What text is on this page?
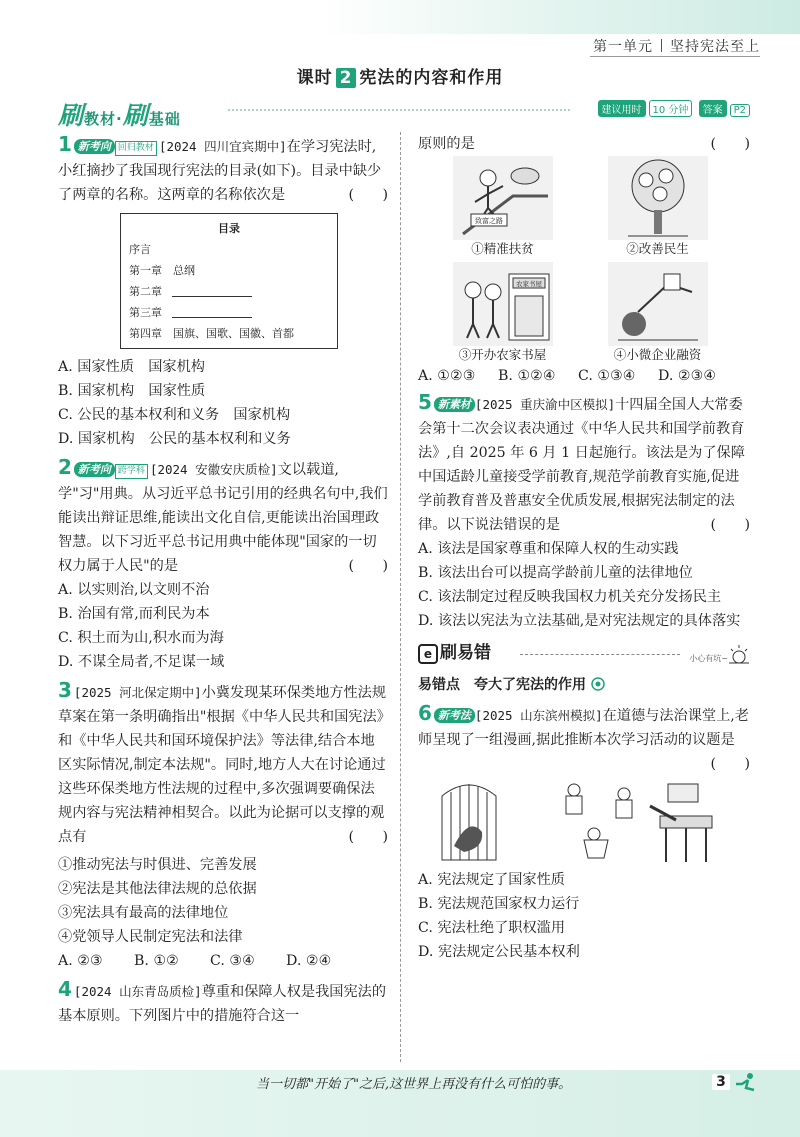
第一单元 坚持宪法至上
课时 2 宪法的内容和作用
刷教材·刷基础	建议用时 10 分钟 答案 P2

1 新考向 回归教材 [2024 四川宜宾期中]在学习宪法时,小红摘抄了我国现行宪法的目录(如下)。目录中缺少了两章的名称。这两章的名称依次是	(　　)

目录
序言
第一章　 总纲
第二章
第三章
第四章　 国旗、国歌、国徽、首都

A. 国家性质　国家机构

B. 国家机构　国家性质

C. 公民的基本权利和义务　国家机构

D. 国家机构　公民的基本权利和义务

2 新考向 跨学科 [2024 安徽安庆质检]文以载道,学"习"用典。从习近平总书记引用的经典名句中,我们能读出辩证思维,能读出文化自信,更能读出治国理政智慧。以下习近平总书记用典中能体现"国家的一切权力属于人民"的是	(　　)

A. 以实则治,以文则不治

B. 治国有常,而利民为本

C. 积土而为山,积水而为海

D. 不谋全局者,不足谋一域

3 [2025 河北保定期中]小冀发现某环保类地方性法规草案在第一条明确指出"根据《中华人民共和国宪法》和《中华人民共和国环境保护法》等法律,结合本地区实际情况,制定本法规"。同时,地方人大在讨论通过这些环保类地方性法规的过程中,多次强调要确保法规内容与宪法精神相契合。以此为论据可以支撑的观点有	(　　)

①推动宪法与时俱进、完善发展

②宪法是其他法律法规的总依据

③宪法具有最高的法律地位

④党领导人民制定宪法和法律

A. ②③ B. ①② C. ③④ D. ②④

4 [2024 山东青岛质检]尊重和保障人权是我国宪法的基本原则。下列图片中的措施符合这一

原则的是	(　　)

致富之路
①精准扶贫	②改善民生
农家书屋
③开办农家书屋	④小微企业融资

A. ①②③ B. ①②④ C. ①③④ D. ②③④

5 新素材 [2025 重庆渝中区模拟]十四届全国人大常委会第十二次会议表决通过《中华人民共和国学前教育法》,自 2025 年 6 月 1 日起施行。该法是为了保障中国适龄儿童接受学前教育,规范学前教育实施,促进学前教育普及普惠安全优质发展,根据宪法制定的法律。以下说法错误的是	(　　)

A. 该法是国家尊重和保障人权的生动实践

B. 该法出台可以提高学龄前儿童的法律地位

C. 该法制定过程反映我国权力机关充分发扬民主

D. 该法以宪法为立法基础,是对宪法规定的具体落实

e 刷易错	小心有坑~

易错点　 夸大了宪法的作用

6 新考法 [2025 山东滨州模拟]在道德与法治课堂上,老师呈现了一组漫画,据此推断本次学习活动的议题是
(　　)

A. 宪法规定了国家性质

B. 宪法规范国家权力运行

C. 宪法杜绝了职权滥用

D. 宪法规定公民基本权利

当一切都"开始了"之后,这世界上再没有什么可怕的事。	3
